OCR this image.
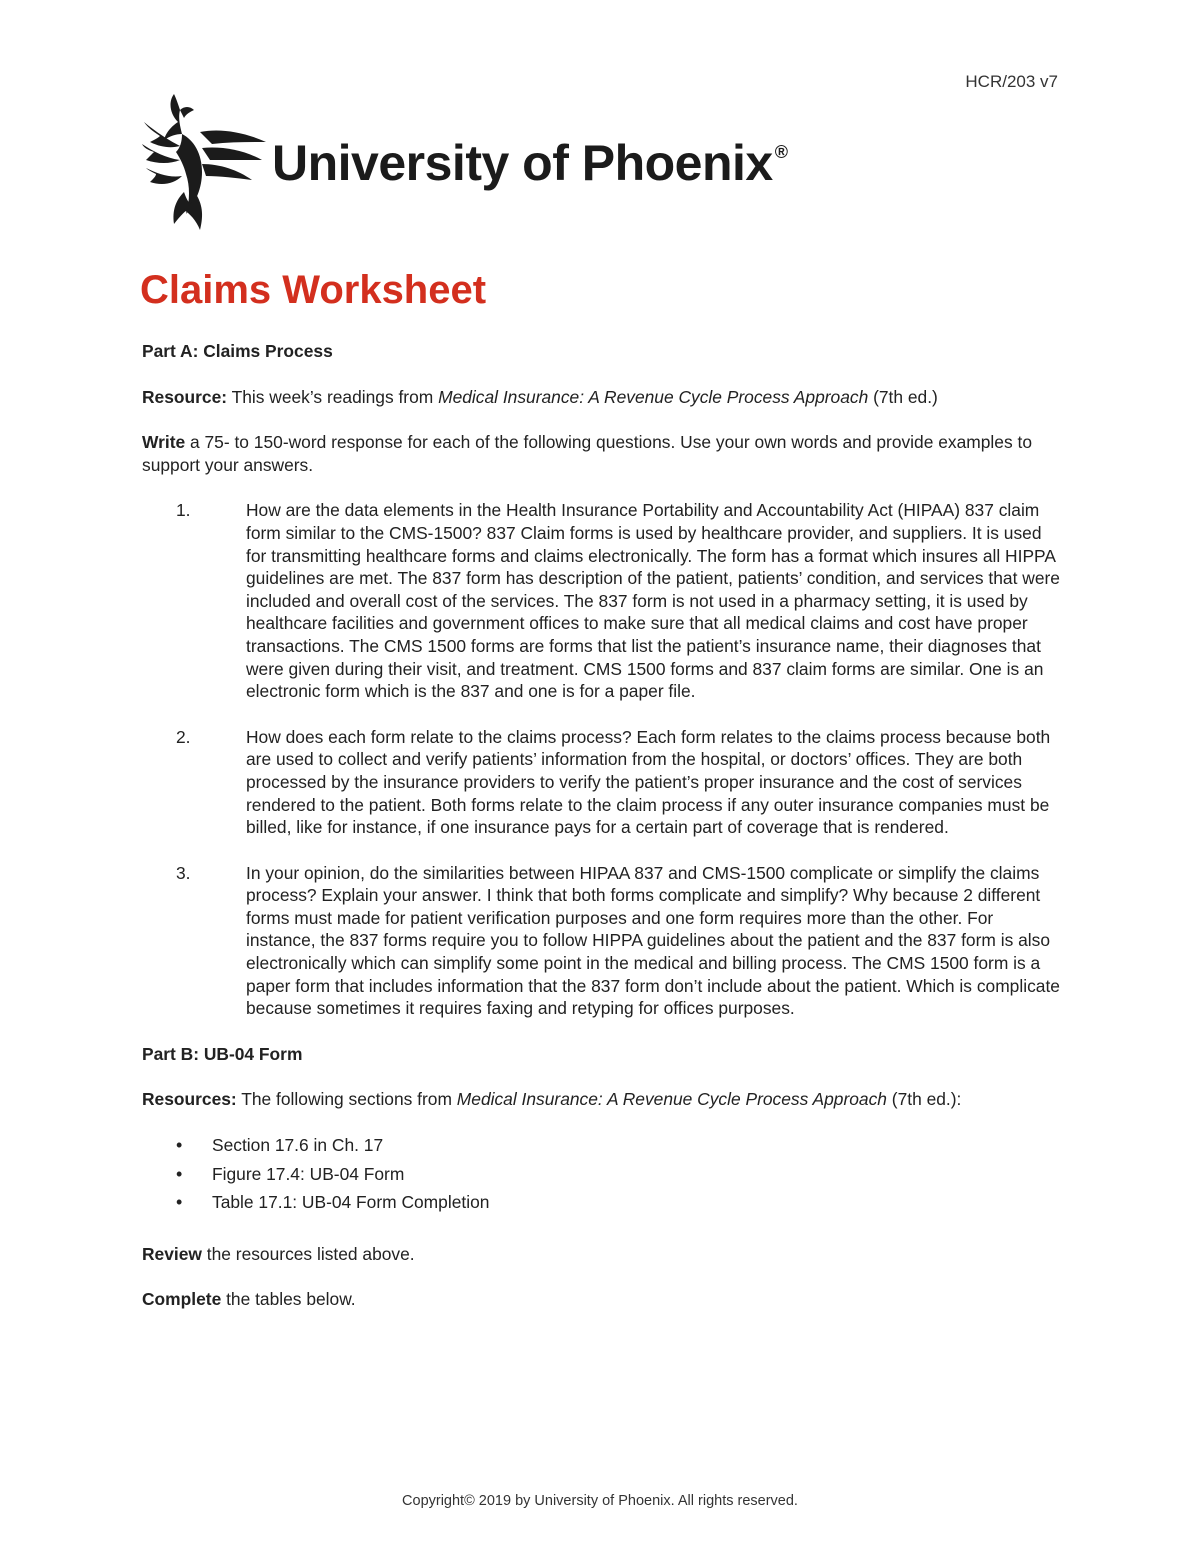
HCR/203 v7
University of Phoenix ®
Claims Worksheet
Part A: Claims Process
Resource: This week’s readings from Medical Insurance: A Revenue Cycle Process Approach (7th ed.)
Write a 75- to 150-word response for each of the following questions. Use your own words and provide examples to support your answers.
1.	How are the data elements in the Health Insurance Portability and Accountability Act (HIPAA) 837 claim form similar to the CMS-1500? 837 Claim forms is used by healthcare provider, and suppliers. It is used for transmitting healthcare forms and claims electronically. The form has a format which insures all HIPPA guidelines are met. The 837 form has description of the patient, patients’ condition, and services that were included and overall cost of the services. The 837 form is not used in a pharmacy setting, it is used by healthcare facilities and government offices to make sure that all medical claims and cost have proper transactions. The CMS 1500 forms are forms that list the patient’s insurance name, their diagnoses that were given during their visit, and treatment. CMS 1500 forms and 837 claim forms are similar. One is an electronic form which is the 837 and one is for a paper file.
2.	How does each form relate to the claims process? Each form relates to the claims process because both are used to collect and verify patients’ information from the hospital, or doctors’ offices. They are both processed by the insurance providers to verify the patient’s proper insurance and the cost of services rendered to the patient. Both forms relate to the claim process if any outer insurance companies must be billed, like for instance, if one insurance pays for a certain part of coverage that is rendered.
3.	In your opinion, do the similarities between HIPAA 837 and CMS-1500 complicate or simplify the claims process? Explain your answer. I think that both forms complicate and simplify? Why because 2 different forms must made for patient verification purposes and one form requires more than the other. For instance, the 837 forms require you to follow HIPPA guidelines about the patient and the 837 form is also electronically which can simplify some point in the medical and billing process. The CMS 1500 form is a paper form that includes information that the 837 form don’t include about the patient. Which is complicate because sometimes it requires faxing and retyping for offices purposes.
Part B: UB-04 Form
Resources: The following sections from Medical Insurance: A Revenue Cycle Process Approach (7th ed.):
• Section 17.6 in Ch. 17
• Figure 17.4: UB-04 Form
• Table 17.1: UB-04 Form Completion
Review the resources listed above.
Complete the tables below.
Copyright© 2019 by University of Phoenix. All rights reserved.
